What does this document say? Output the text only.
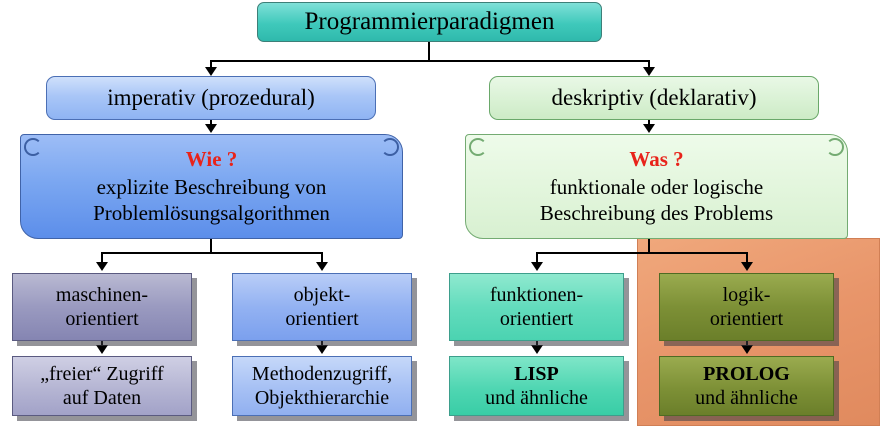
Programmierparadigmen
imperativ (prozedural)	deskriptiv (deklarativ)
Wie ?
explizite Beschreibung von
Problemlösungsalgorithmen
Was ?
funktionale oder logische
Beschreibung des Problems
maschinen-
orientiert
objekt-
orientiert
„freier“ Zugriff
auf Daten
Methodenzugriff,
Objekthierarchie
funktionen-
orientiert
LISP
und ähnliche
logik-
orientiert
PROLOG
und ähnliche
